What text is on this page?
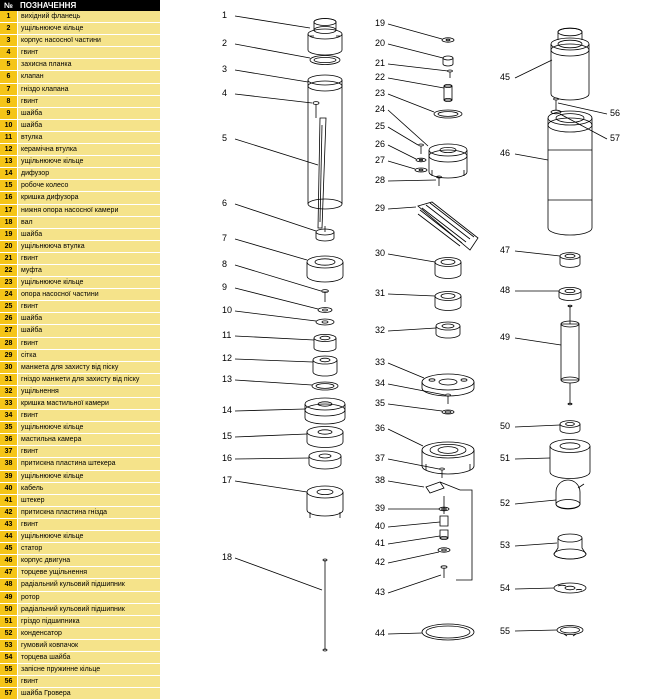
№ ПОЗНАЧЕННЯ
1	вихідний фланець
2	ущільнююче кільце
3	корпус насосної частини
4	гвинт
5	захисна планка
6	клапан
7	гніздо клапана
8	гвинт
9	шайба
10	шайба
11	втулка
12	керамічна втулка
13	ущільнююче кільце
14	дифузор
15	робоче колесо
16	кришка дифузора
17	нижня опора насосної камери
18	вал
19	шайба
20	ущільнююча втулка
21	гвинт
22	муфта
23	ущільнююче кільце
24	опора насосної частини
25	гвинт
26	шайба
27	шайба
28	гвинт
29	сітка
30	манжета для захисту від піску
31	гніздо манжети для захисту від піску
32	ущільнення
33	кришка мастильної камери
34	гвинт
35	ущільнююче кільце
36	мастильна камера
37	гвинт
38	притискна пластина штекера
39	ущільнююче кільце
40	кабель
41	штекер
42	притискна пластина гнізда
43	гвинт
44	ущільнююче кільце
45	статор
46	корпус двигуна
47	торцеве ущільнення
48	радіальний кульовий підшипник
49	ротор
50	радіальний кульовий підшипник
51	гріздо підшипника
52	конденсатор
53	гумовий ковпачок
54	торцева шайба
55	запісне пружинне кільце
56	гвинт
57	шайба Гровера
1
2
3
4
5
6
7
8
9
10
11
12
13
14
15
16
17
18
19
20
21
22
23
24
25
26
27
28
29
30
31
32
33
34
35
36
37
38
39
40
41
42
43
44
45
46
47
48
49
50
51
52
53
54
55
56
57
